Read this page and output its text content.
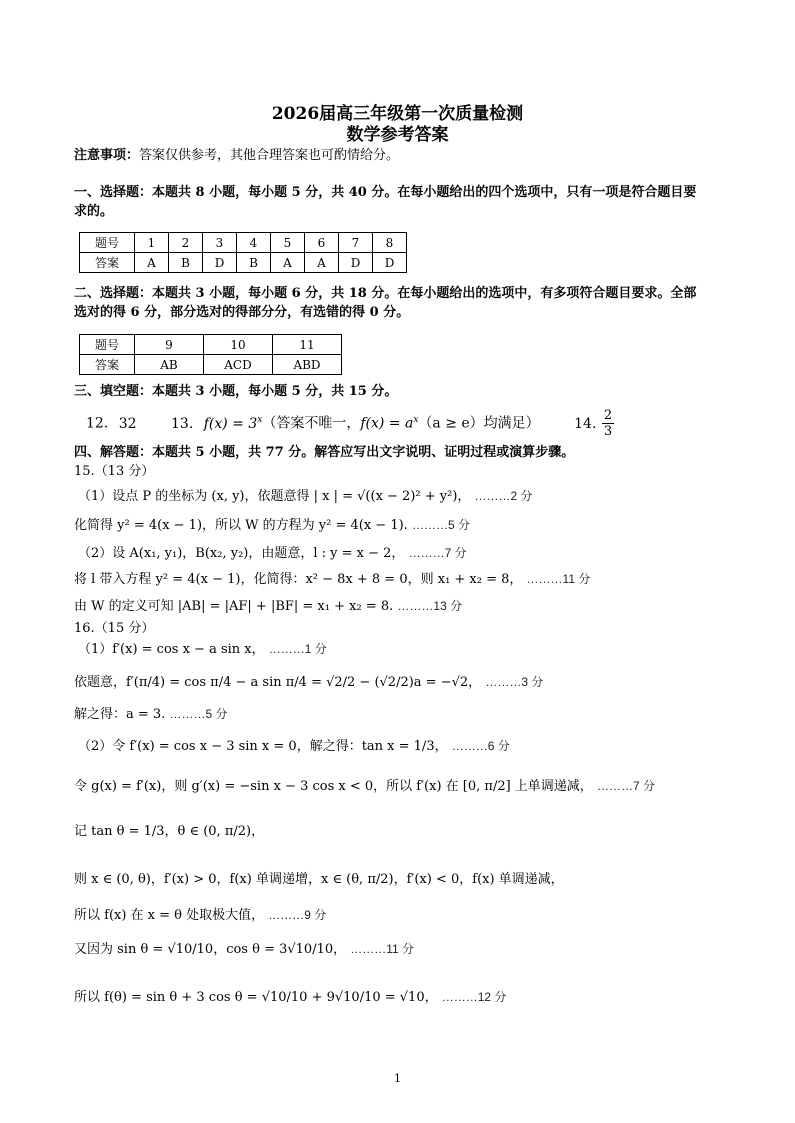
2026届高三年级第一次质量检测
数学参考答案
注意事项：答案仅供参考，其他合理答案也可酌情给分。
一、选择题：本题共 8 小题，每小题 5 分，共 40 分。在每小题给出的四个选项中，只有一项是符合题目要
求的。
题号	1	2	3	4	5	6	7	8
答案	A	B	D	B	A	A	D	D
二、选择题：本题共 3 小题，每小题 6 分，共 18 分。在每小题给出的选项中，有多项符合题目要求。全部
选对的得 6 分，部分选对的得部分分，有选错的得 0 分。
题号	9	10	11
答案	AB	ACD	ABD
三、填空题：本题共 3 小题，每小题 5 分，共 15 分。
12. 32 13. $f(x) = 3^x$（答案不唯一，$f(x) = a^x(a \ge e)$均满足） 14. $\frac{2}{3}$
四、解答题：本题共 5 小题，共 77 分。解答应写出文字说明、证明过程或演算步骤。
15.（13 分）
（1）设点 P 的坐标为 (x, y)，依题意得 | x | = √((x − 2)² + y²)， ………2 分
化简得 y² = 4(x − 1)，所以 W 的方程为 y² = 4(x − 1). ………5 分
（2）设 A(x₁, y₁)，B(x₂, y₂)，由题意，l : y = x − 2， ………7 分
将 l 带入方程 y² = 4(x − 1)，化简得：x² − 8x + 8 = 0，则 x₁ + x₂ = 8， ………11 分
由 W 的定义可知 |AB| = |AF| + |BF| = x₁ + x₂ = 8. ………13 分
16.（15 分）
（1）f′(x) = cos x − a sin x， ………1 分
依题意，f′(π/4) = cos π/4 − a sin π/4 = √2/2 − (√2/2)a = −√2， ………3 分
解之得：a = 3. ………5 分
（2）令 f′(x) = cos x − 3 sin x = 0，解之得：tan x = 1/3， ………6 分
令 g(x) = f′(x)，则 g′(x) = −sin x − 3 cos x < 0，所以 f′(x) 在 [0, π/2] 上单调递减， ………7 分
记 tan θ = 1/3，θ ∈ (0, π/2)，
则 x ∈ (0, θ)，f′(x) > 0，f(x) 单调递增，x ∈ (θ, π/2)，f′(x) < 0，f(x) 单调递减，
所以 f(x) 在 x = θ 处取极大值， ………9 分
又因为 sin θ = √10/10，cos θ = 3√10/10， ………11 分
所以 f(θ) = sin θ + 3 cos θ = √10/10 + 9√10/10 = √10， ………12 分
1
